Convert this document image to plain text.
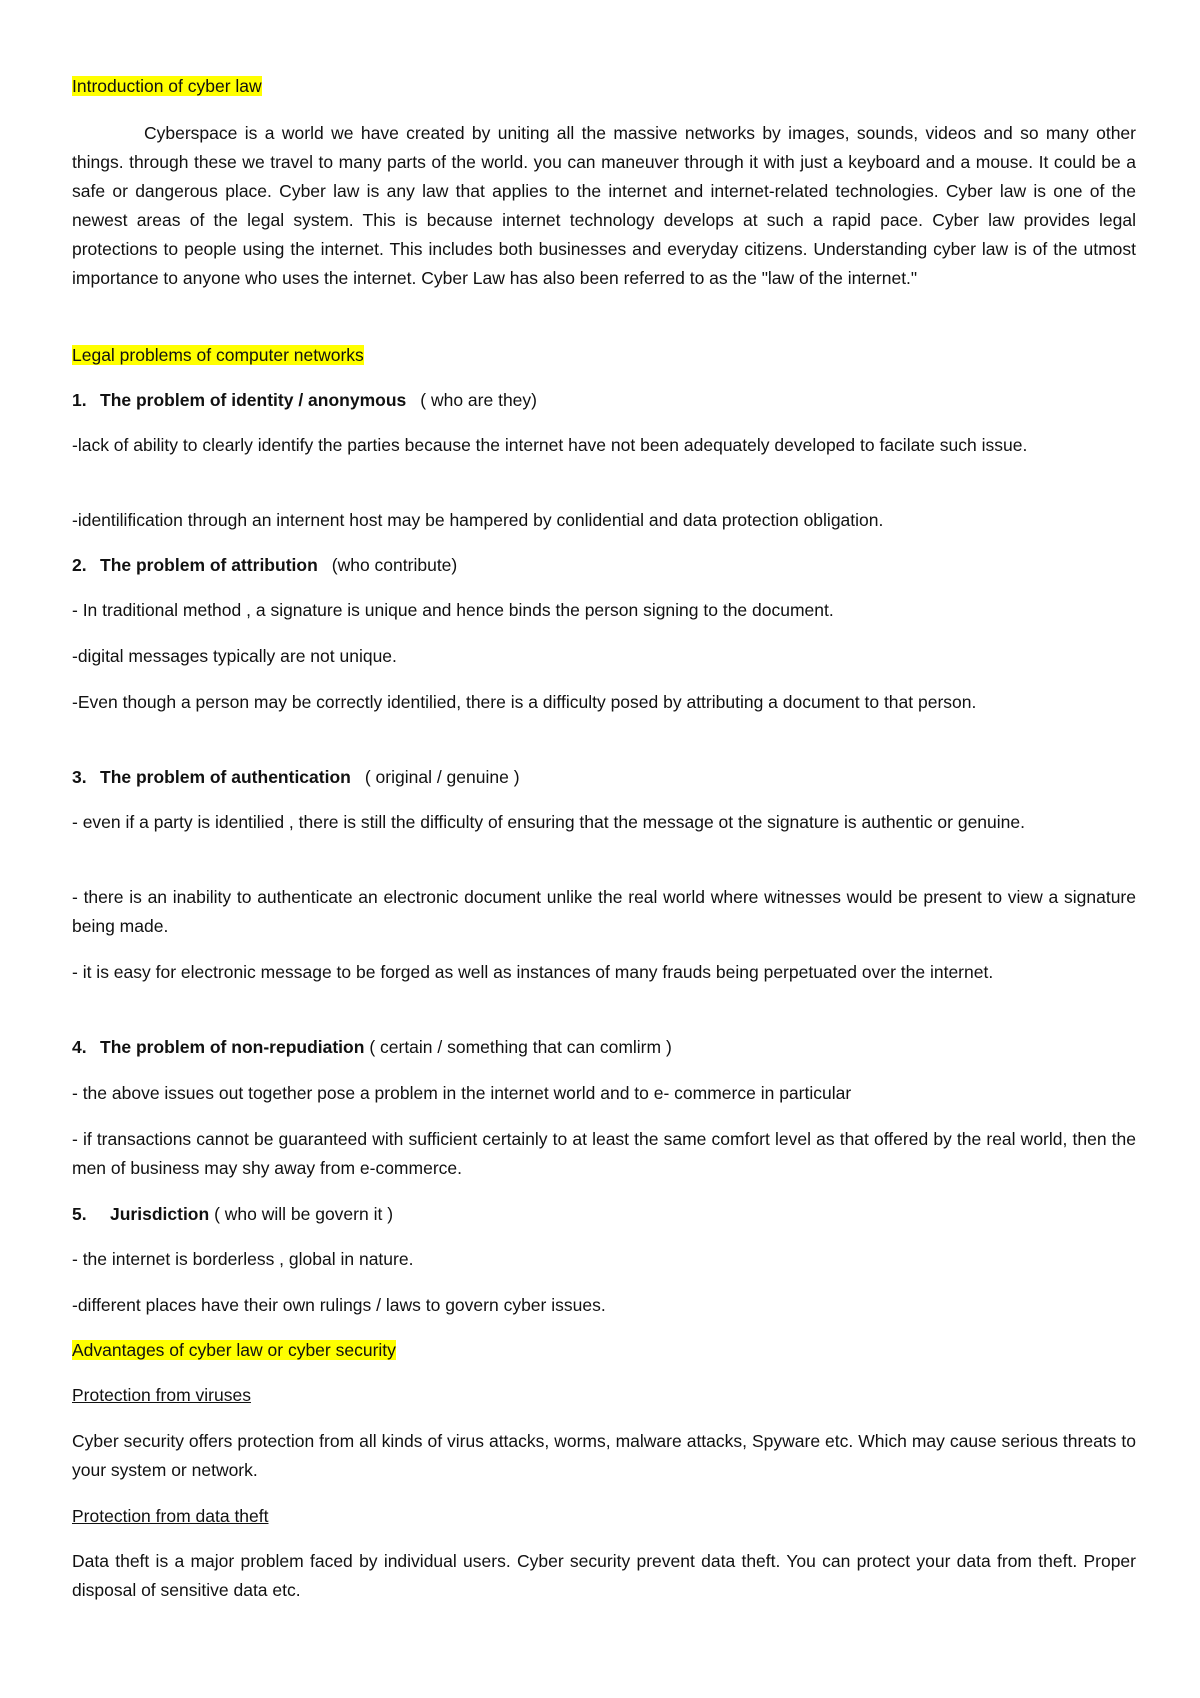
Introduction of cyber law

Cyberspace is a world we have created by uniting all the massive networks by images, sounds, videos and so many other things. through these we travel to many parts of the world. you can maneuver through it with just a keyboard and a mouse. It could be a safe or dangerous place. Cyber law is any law that applies to the internet and internet-related technologies. Cyber law is one of the newest areas of the legal system. This is because internet technology develops at such a rapid pace. Cyber law provides legal protections to people using the internet. This includes both businesses and everyday citizens. Understanding cyber law is of the utmost importance to anyone who uses the internet. Cyber Law has also been referred to as the "law of the internet."

Legal problems of computer networks

1. The problem of identity / anonymous ( who are they)

-lack of ability to clearly identify the parties because the internet have not been adequately developed to facilate such issue.

-identilification through an internent host may be hampered by conlidential and data protection obligation.

2. The problem of attribution (who contribute)

- In traditional method , a signature is unique and hence binds the person signing to the document.

-digital messages typically are not unique.

-Even though a person may be correctly identilied, there is a difficulty posed by attributing a document to that person.

3. The problem of authentication ( original / genuine )

- even if a party is identilied , there is still the difficulty of ensuring that the message ot the signature is authentic or genuine.

- there is an inability to authenticate an electronic document unlike the real world where witnesses would be present to view a signature being made.

- it is easy for electronic message to be forged as well as instances of many frauds being perpetuated over the internet.

4. The problem of non-repudiation ( certain / something that can comlirm )

- the above issues out together pose a problem in the internet world and to e- commerce in particular

- if transactions cannot be guaranteed with sufficient certainly to at least the same comfort level as that offered by the real world, then the men of business may shy away from e-commerce.

5. Jurisdiction ( who will be govern it )

- the internet is borderless , global in nature.

-different places have their own rulings / laws to govern cyber issues.

Advantages of cyber law or cyber security

Protection from viruses

Cyber security offers protection from all kinds of virus attacks, worms, malware attacks, Spyware etc. Which may cause serious threats to your system or network.

Protection from data theft

Data theft is a major problem faced by individual users. Cyber security prevent data theft. You can protect your data from theft. Proper disposal of sensitive data etc.
